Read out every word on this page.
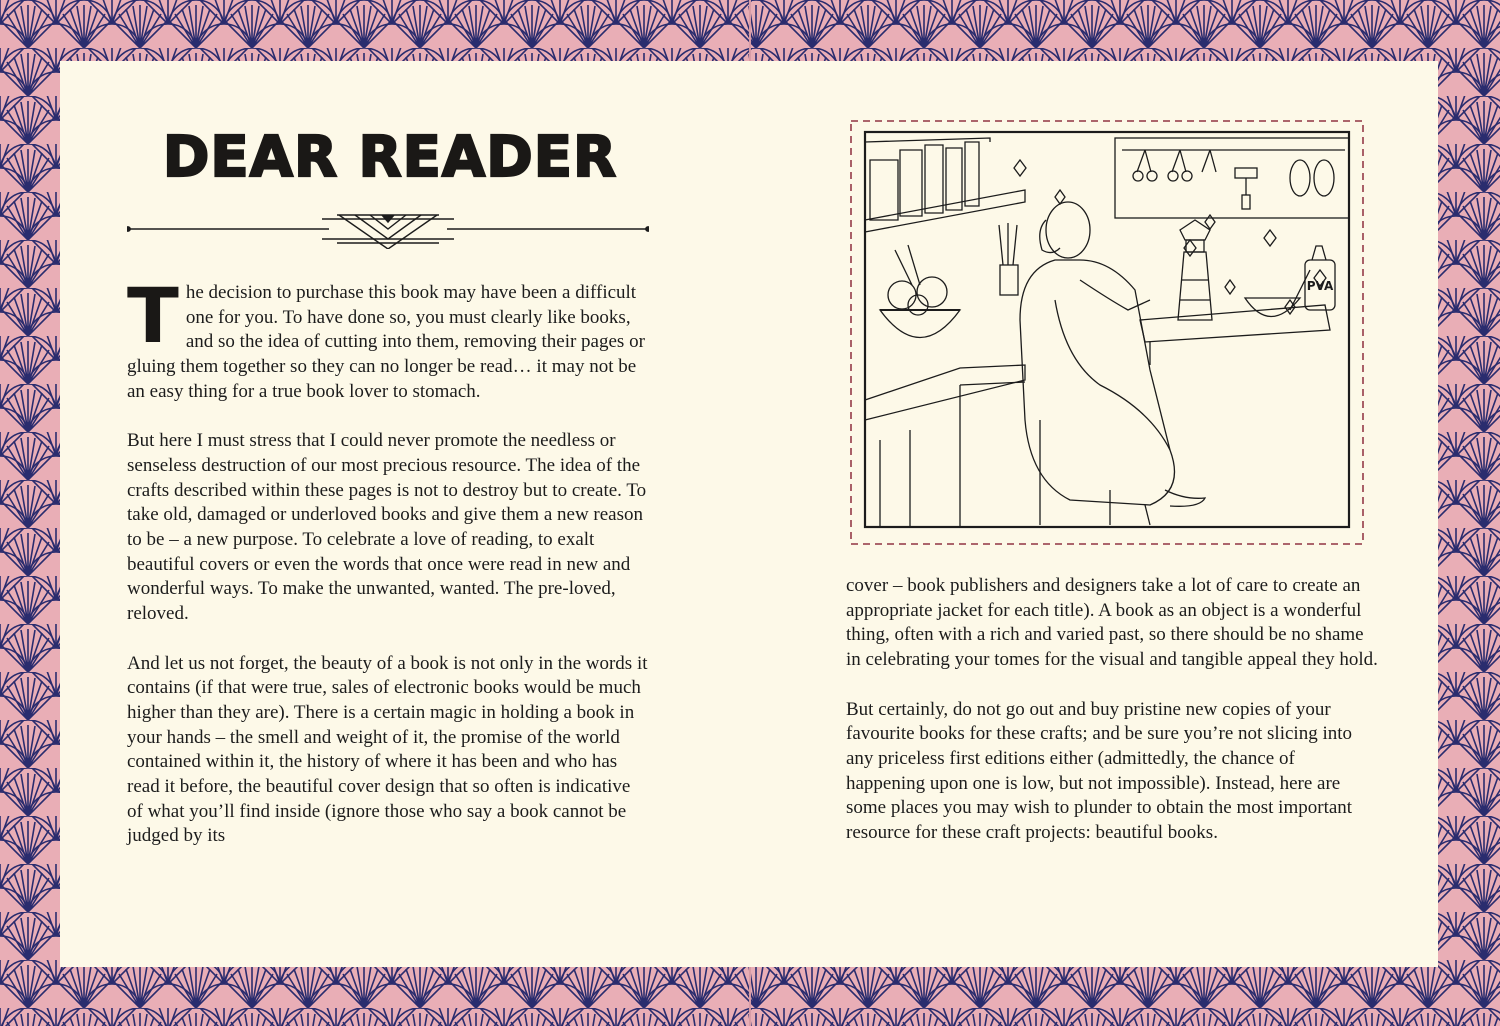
DEAR READER

The decision to purchase this book may have been a difficult one for you. To have done so, you must clearly like books, and so the idea of cutting into them, removing their pages or gluing them together so they can no longer be read… it may not be an easy thing for a true book lover to stomach.

But here I must stress that I could never promote the needless or senseless destruction of our most precious resource. The idea of the crafts described within these pages is not to destroy but to create. To take old, damaged or underloved books and give them a new reason to be – a new purpose. To celebrate a love of reading, to exalt beautiful covers or even the words that once were read in new and wonderful ways. To make the unwanted, wanted. The pre-loved, reloved.

And let us not forget, the beauty of a book is not only in the words it contains (if that were true, sales of electronic books would be much higher than they are). There is a certain magic in holding a book in your hands – the smell and weight of it, the promise of the world contained within it, the history of where it has been and who has read it before, the beautiful cover design that so often is indicative of what you’ll find inside (ignore those who say a book cannot be judged by its

PVA

cover – book publishers and designers take a lot of care to create an appropriate jacket for each title). A book as an object is a wonderful thing, often with a rich and varied past, so there should be no shame in celebrating your tomes for the visual and tangible appeal they hold.

But certainly, do not go out and buy pristine new copies of your favourite books for these crafts; and be sure you’re not slicing into any priceless first editions either (admittedly, the chance of happening upon one is low, but not impossible). Instead, here are some places you may wish to plunder to obtain the most important resource for these craft projects: beautiful books.
